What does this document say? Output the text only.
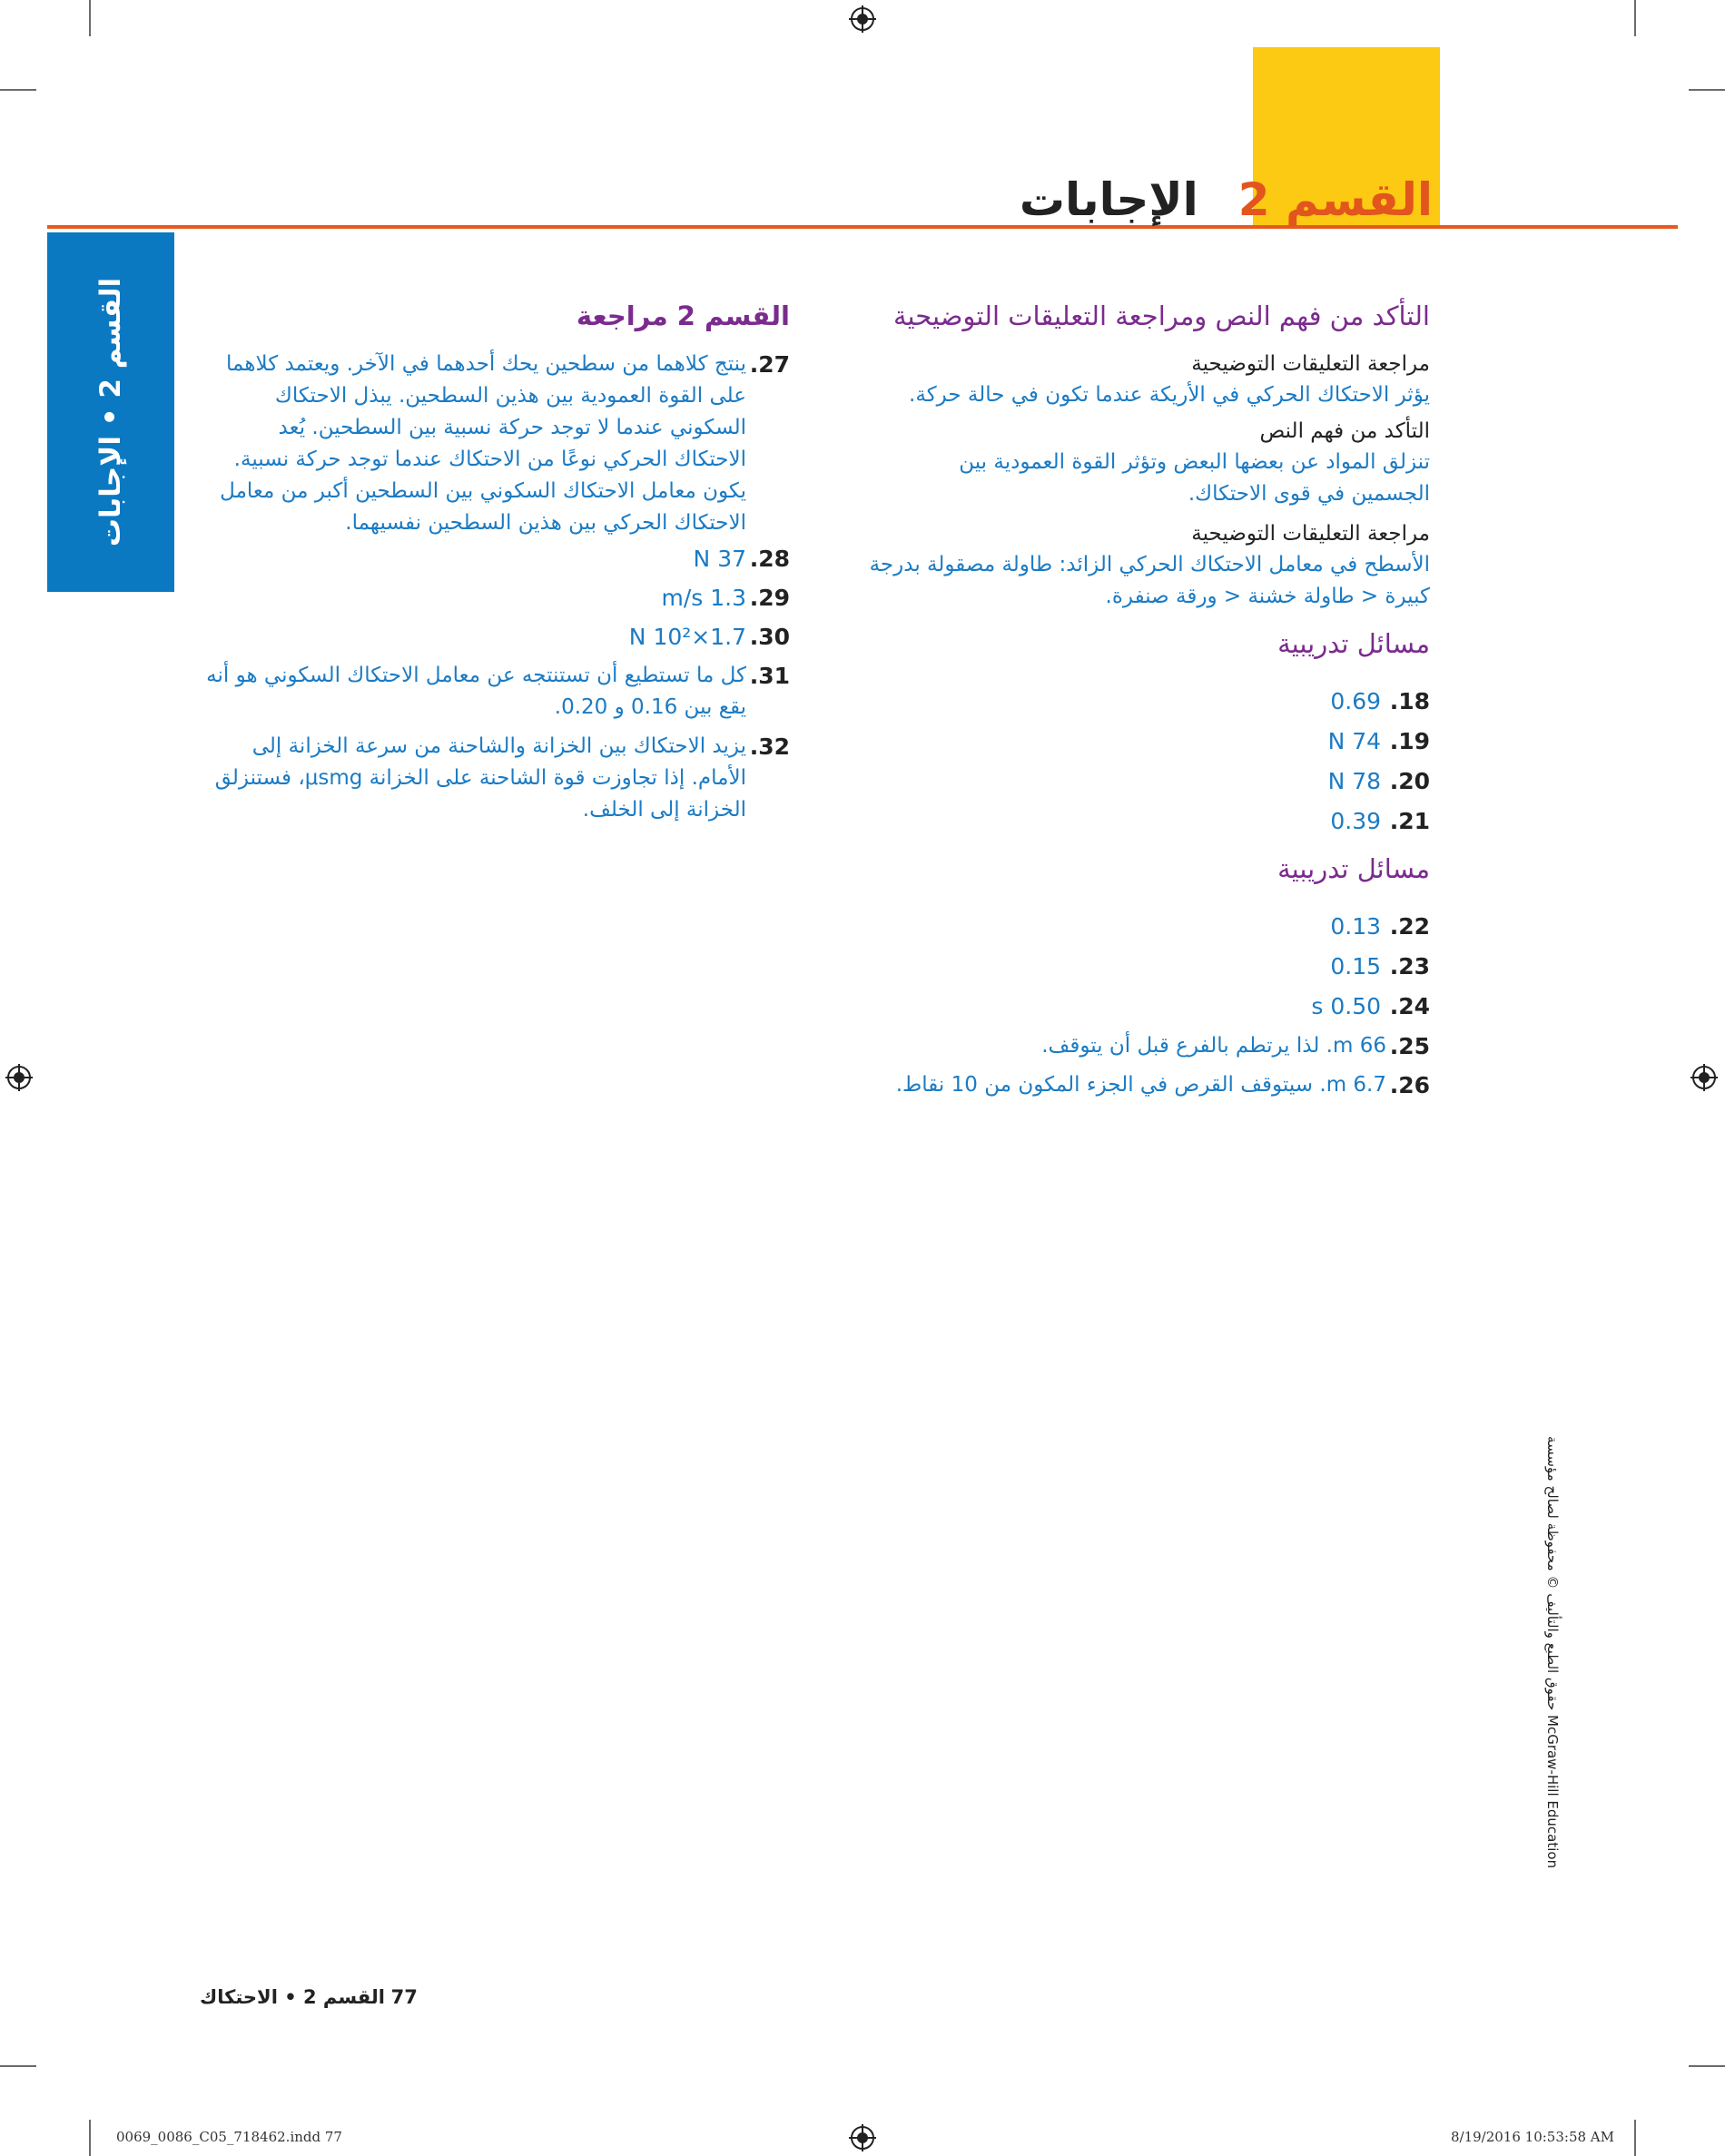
القسم 2الإجابات
القسم 2 • الإجابات	التأكد من فهم النص ومراجعة التعليقات التوضيحية
مراجعة التعليقات التوضيحية
يؤثر الاحتكاك الحركي في الأريكة عندما تكون في حالة حركة.
التأكد من فهم النص
تنزلق المواد عن بعضها البعض وتؤثر القوة العمودية بين الجسمين في قوى الاحتكاك.
مراجعة التعليقات التوضيحية
الأسطح في معامل الاحتكاك الحركي الزائد: طاولة مصقولة بدرجة كبيرة < طاولة خشنة < ورقة صنفرة.
مسائل تدريبية
18. 0.69
19. 74 N
20. 78 N
21. 0.39
مسائل تدريبية
22. 0.13
23. 0.15
24. 0.50 s
25.
66 m. لذا يرتطم بالفرع قبل أن يتوقف.
26.
6.7 m. سيتوقف القرص في الجزء المكون من 10 نقاط.
القسم 2 مراجعة
27.
ينتج كلاهما من سطحين يحك أحدهما في الآخر. ويعتمد كلاهما على القوة العمودية بين هذين السطحين. يبذل الاحتكاك السكوني عندما لا توجد حركة نسبية بين السطحين. يُعد الاحتكاك الحركي نوعًا من الاحتكاك عندما توجد حركة نسبية. يكون معامل الاحتكاك السكوني بين السطحين أكبر من معامل الاحتكاك الحركي بين هذين السطحين نفسيهما.
28.
37 N
29.
1.3 m/s
30.
1.7×10² N
31.
كل ما تستطيع أن تستنتجه عن معامل الاحتكاك السكوني هو أنه يقع بين 0.16 و 0.20.
32.
يزيد الاحتكاك بين الخزانة والشاحنة من سرعة الخزانة إلى الأمام. إذا تجاوزت قوة الشاحنة على الخزانة μsmg، فستنزلق الخزانة إلى الخلف.
حقوق الطبع والتأليف © محفوظة لصالح مؤسسة McGraw-Hill Education
77 القسم 2 • الاحتكاك
0069_0086_C05_718462.indd 77	8/19/2016 10:53:58 AM
